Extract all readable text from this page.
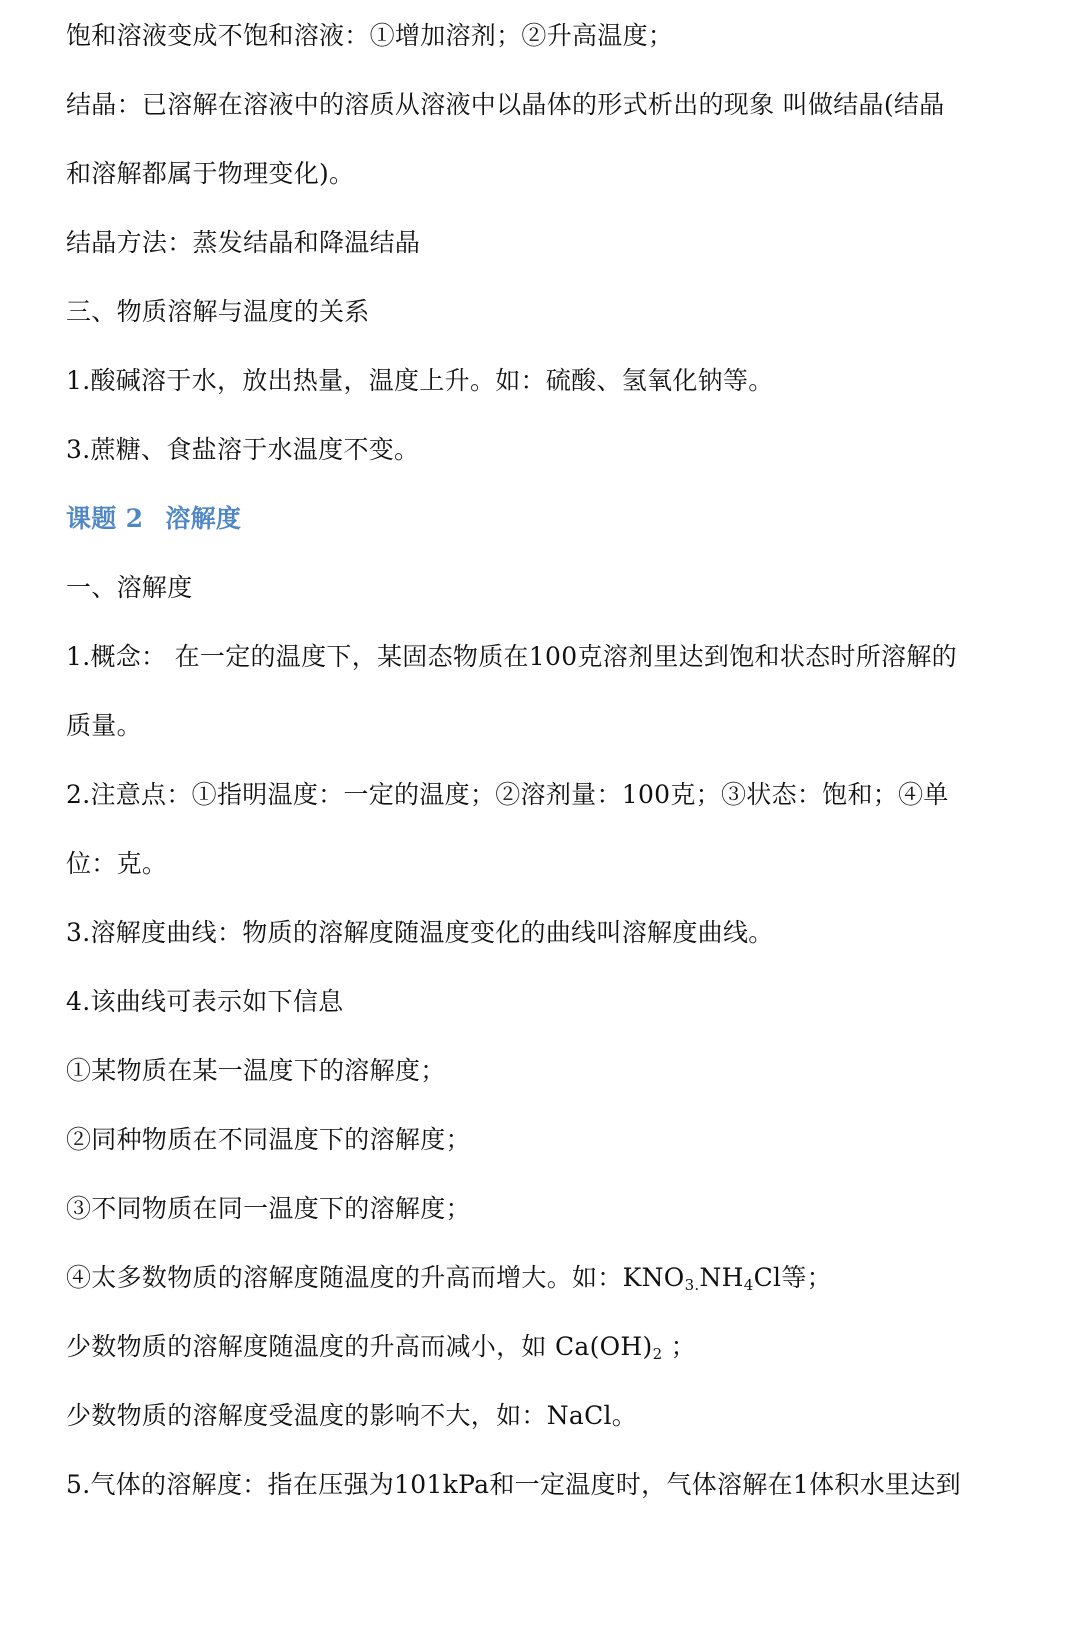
饱和溶液变成不饱和溶液：①增加溶剂；②升高温度；
结晶：已溶解在溶液中的溶质从溶液中以晶体的形式析出的现象 叫做结晶(结晶
和溶解都属于物理变化)。
结晶方法：蒸发结晶和降温结晶
三、物质溶解与温度的关系
1.酸碱溶于水，放出热量，温度上升。如：硫酸、氢氧化钠等。
3.蔗糖、食盐溶于水温度不变。
课题 2 溶解度
一、溶解度
1.概念： 在一定的温度下，某固态物质在100克溶剂里达到饱和状态时所溶解的
质量。
2.注意点：①指明温度：一定的温度；②溶剂量：100克；③状态：饱和；④单
位：克。
3.溶解度曲线：物质的溶解度随温度变化的曲线叫溶解度曲线。
4.该曲线可表示如下信息
①某物质在某一温度下的溶解度；
②同种物质在不同温度下的溶解度；
③不同物质在同一温度下的溶解度；
④太多数物质的溶解度随温度的升高而增大。如：$KNO_{3.}NH_4Cl$等；
少数物质的溶解度随温度的升高而减小，如 $Ca(OH)_2$ ；
少数物质的溶解度受温度的影响不大，如：NaCl。
5.气体的溶解度：指在压强为101kPa和一定温度时，气体溶解在1体积水里达到
